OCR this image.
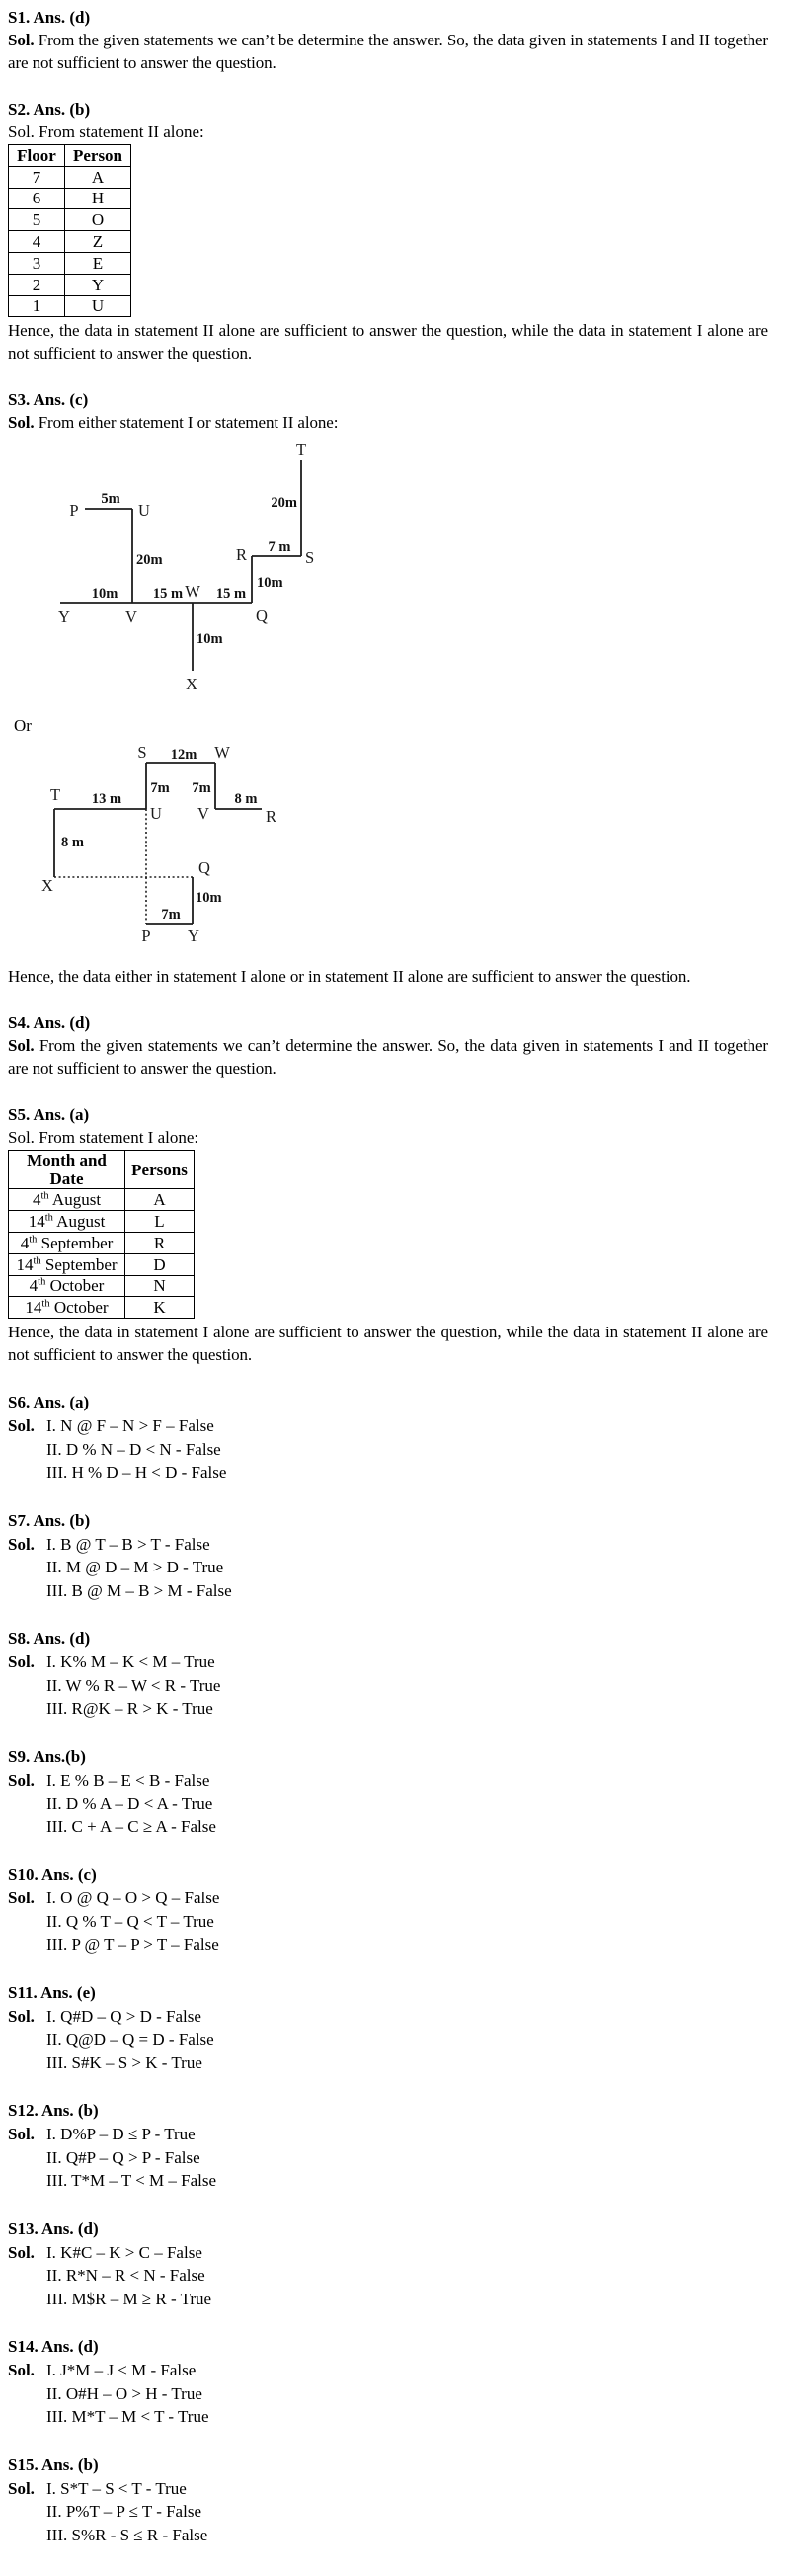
S1. Ans. (d)

Sol. From the given statements we can’t be determine the answer. So, the data given in statements I and II together are not sufficient to answer the question.

S2. Ans. (b)

Sol. From statement II alone:

Floor	Person
7	A
6	H
5	O
4	Z
3	E
2	Y
1	U

Hence, the data in statement II alone are sufficient to answer the question, while the data in statement I alone are not sufficient to answer the question.

S3. Ans. (c)

Sol. From either statement I or statement II alone:

T
20m
7 m
S
R
10m
Q
P
5m
U
20m
10m 15 m W 15 m
Y	V
10m
X
Or
S 12m W
7m 7m
T 13 m
U V
8 m
R
8 m
X
Q
10m
7m
P Y

Hence, the data either in statement I alone or in statement II alone are sufficient to answer the question.

S4. Ans. (d)

Sol. From the given statements we can’t determine the answer. So, the data given in statements I and II together are not sufficient to answer the question.

S5. Ans. (a)

Sol. From statement I alone:

Month and Date	Persons
4th August	A
14th August	L
4th September	R
14th September	D
4th October	N
14th October	K

Hence, the data in statement I alone are sufficient to answer the question, while the data in statement II alone are not sufficient to answer the question.

S6. Ans. (a)
Sol. I. N @ F – N > F – False
II. D % N – D < N - False
III. H % D – H < D - False
S7. Ans. (b)
Sol. I. B @ T – B > T - False
II. M @ D – M > D - True
III. B @ M – B > M - False
S8. Ans. (d)
Sol. I. K% M – K < M – True
II. W % R – W < R - True
III. R@K – R > K - True
S9. Ans.(b)
Sol. I. E % B – E < B - False
II. D % A – D < A - True
III. C + A – C ≥ A - False
S10. Ans. (c)
Sol. I. O @ Q – O > Q – False
II. Q % T – Q < T – True
III. P @ T – P > T – False
S11. Ans. (e)
Sol. I. Q#D – Q > D - False
II. Q@D – Q = D - False
III. S#K – S > K - True
S12. Ans. (b)
Sol. I. D%P – D ≤ P - True
II. Q#P – Q > P - False
III. T*M – T < M – False
S13. Ans. (d)
Sol. I. K#C – K > C – False
II. R*N – R < N - False
III. M$R – M ≥ R - True
S14. Ans. (d)
Sol. I. J*M – J < M - False
II. O#H – O > H - True
III. M*T – M < T - True
S15. Ans. (b)
Sol. I. S*T – S < T - True
II. P%T – P ≤ T - False
III. S%R - S ≤ R - False
